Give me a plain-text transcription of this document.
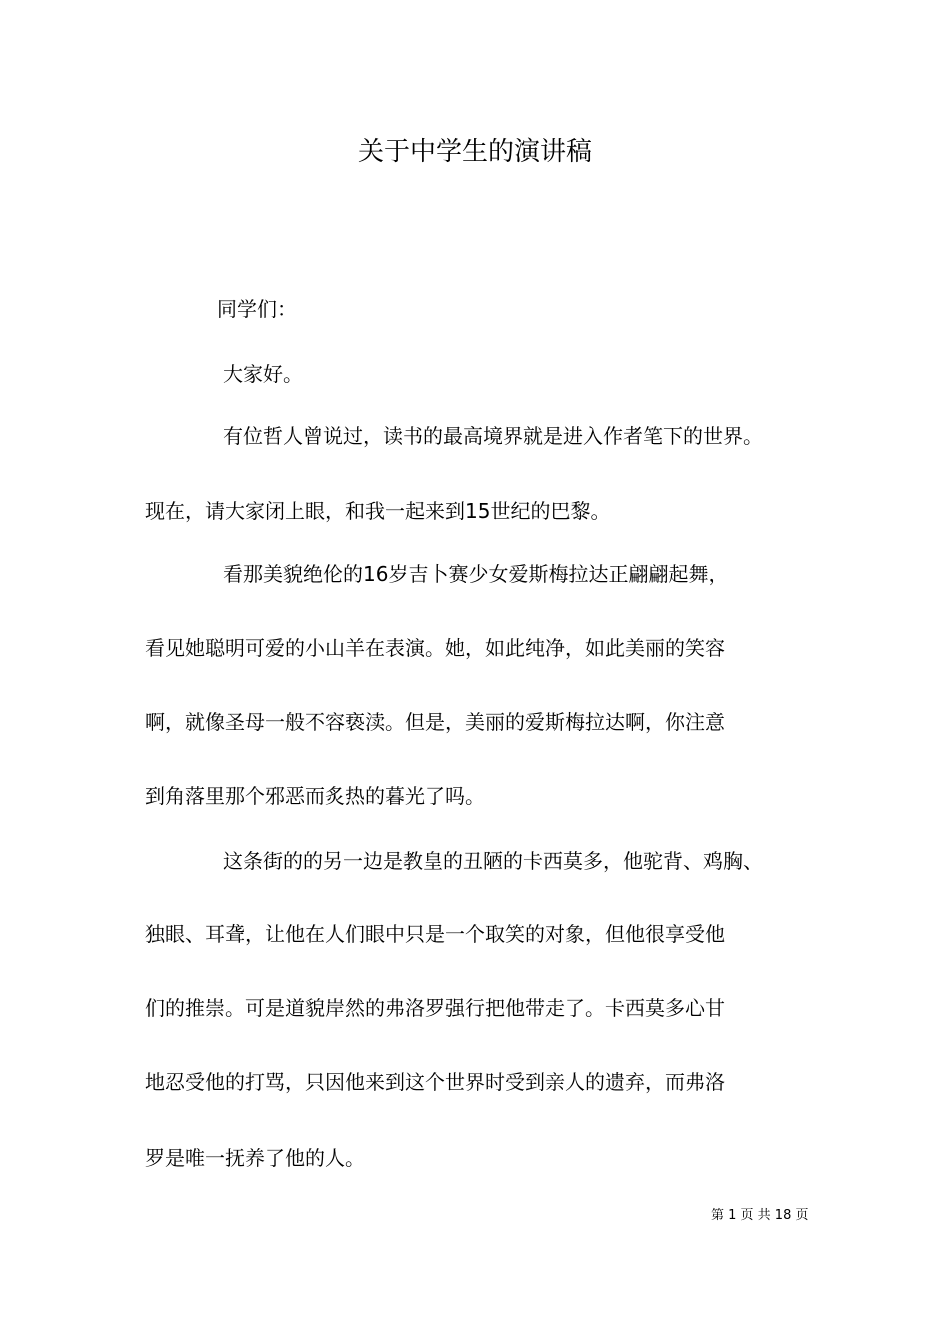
关于中学生的演讲稿
同学们：
大家好。
有位哲人曾说过，读书的最高境界就是进入作者笔下的世界。
现在，请大家闭上眼，和我一起来到15世纪的巴黎。
看那美貌绝伦的16岁吉卜赛少女爱斯梅拉达正翩翩起舞，
看见她聪明可爱的小山羊在表演。她，如此纯净，如此美丽的笑容
啊，就像圣母一般不容亵渎。但是，美丽的爱斯梅拉达啊，你注意
到角落里那个邪恶而炙热的暮光了吗。
这条街的的另一边是教皇的丑陋的卡西莫多，他驼背、鸡胸、
独眼、耳聋，让他在人们眼中只是一个取笑的对象，但他很享受他
们的推崇。可是道貌岸然的弗洛罗强行把他带走了。卡西莫多心甘
地忍受他的打骂，只因他来到这个世界时受到亲人的遗弃，而弗洛
罗是唯一抚养了他的人。
第 1 页 共 18 页
